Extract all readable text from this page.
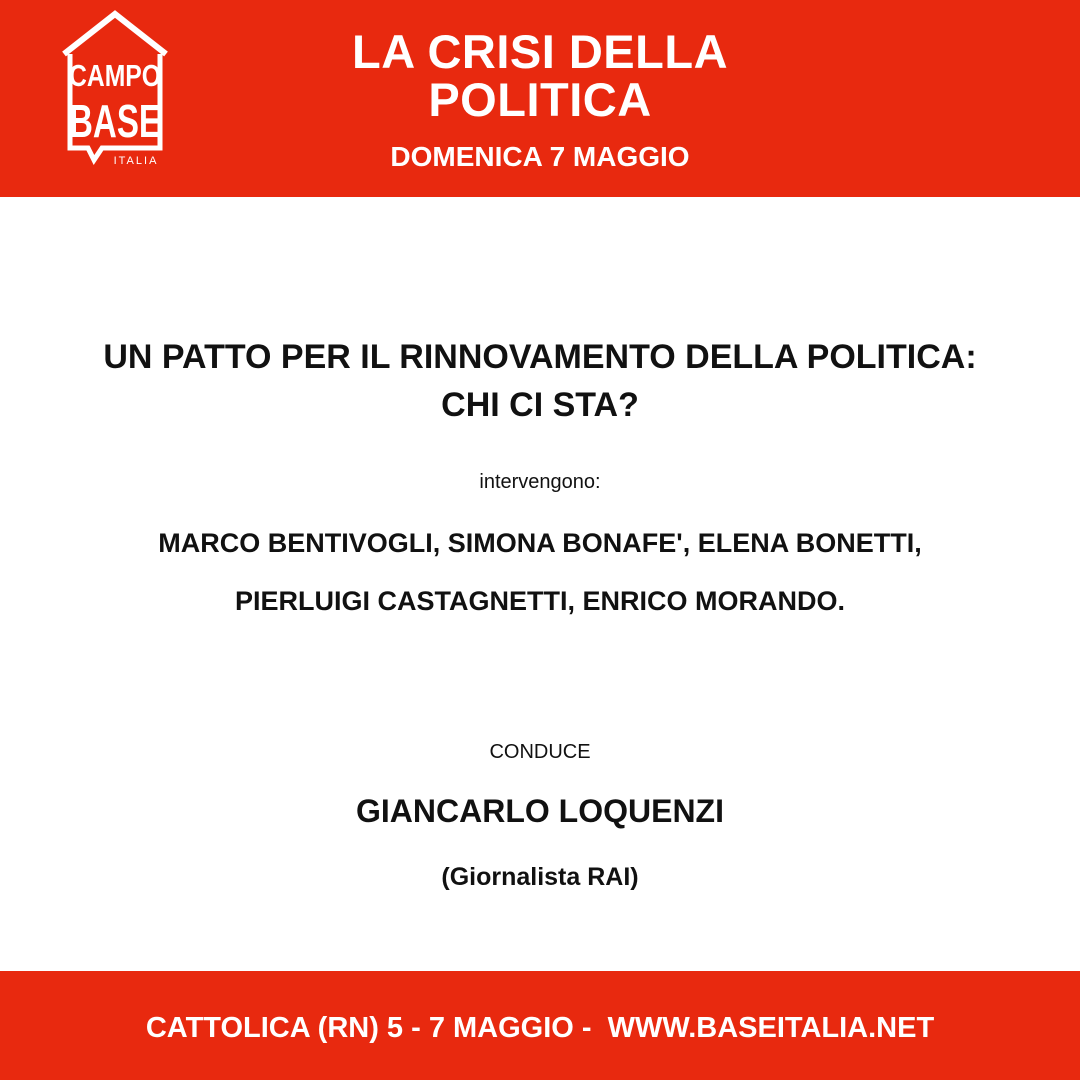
CAMPO
BASE
ITALIA
LA CRISI DELLA
POLITICA
DOMENICA 7 MAGGIO
UN PATTO PER IL RINNOVAMENTO DELLA POLITICA:
CHI CI STA?
intervengono:
MARCO BENTIVOGLI, SIMONA BONAFE', ELENA BONETTI,
PIERLUIGI CASTAGNETTI, ENRICO MORANDO.
CONDUCE
GIANCARLO LOQUENZI
(Giornalista RAI)
CATTOLICA (RN) 5 - 7 MAGGIO -  WWW.BASEITALIA.NET
